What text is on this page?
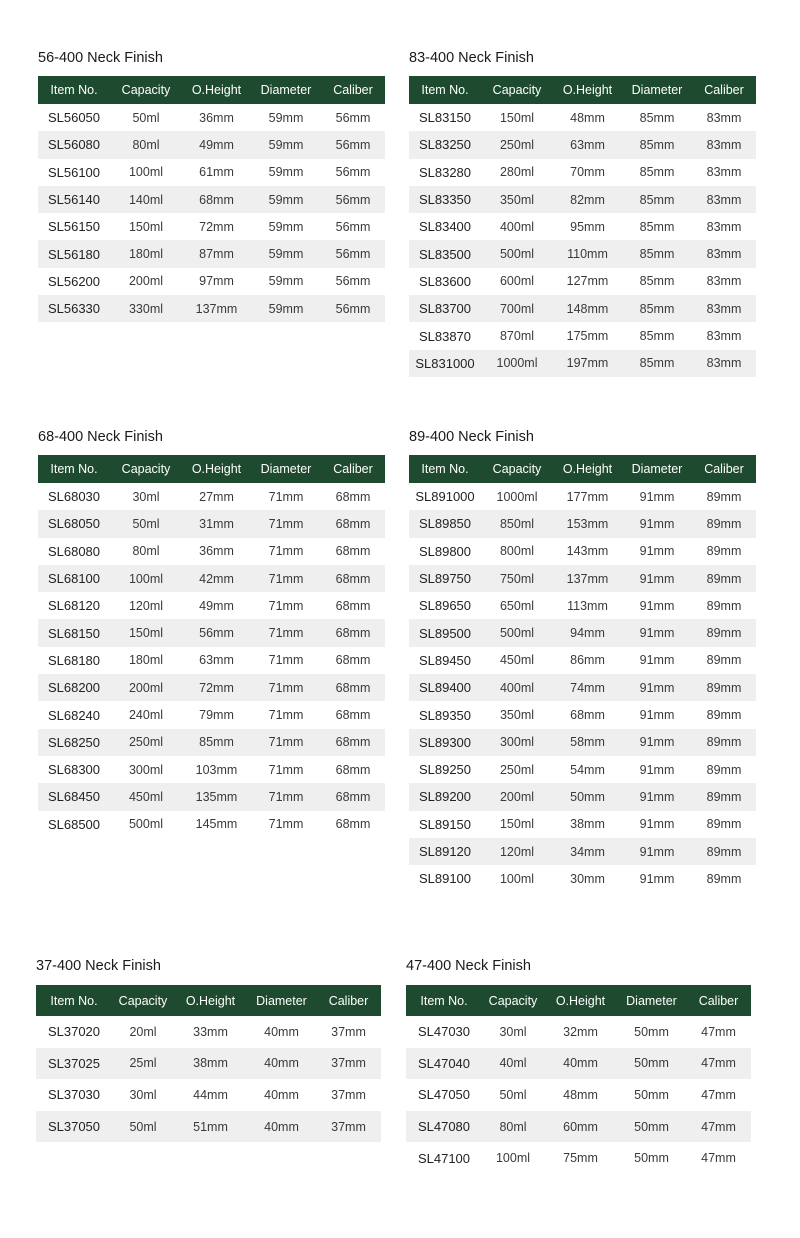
56-400 Neck Finish
Item No.	Capacity	O.Height	Diameter	Caliber
SL56050	50ml	36mm	59mm	56mm
SL56080	80ml	49mm	59mm	56mm
SL56100	100ml	61mm	59mm	56mm
SL56140	140ml	68mm	59mm	56mm
SL56150	150ml	72mm	59mm	56mm
SL56180	180ml	87mm	59mm	56mm
SL56200	200ml	97mm	59mm	56mm
SL56330	330ml	137mm	59mm	56mm
83-400 Neck Finish
Item No.	Capacity	O.Height	Diameter	Caliber
SL83150	150ml	48mm	85mm	83mm
SL83250	250ml	63mm	85mm	83mm
SL83280	280ml	70mm	85mm	83mm
SL83350	350ml	82mm	85mm	83mm
SL83400	400ml	95mm	85mm	83mm
SL83500	500ml	110mm	85mm	83mm
SL83600	600ml	127mm	85mm	83mm
SL83700	700ml	148mm	85mm	83mm
SL83870	870ml	175mm	85mm	83mm
SL831000	1000ml	197mm	85mm	83mm
68-400 Neck Finish
Item No.	Capacity	O.Height	Diameter	Caliber
SL68030	30ml	27mm	71mm	68mm
SL68050	50ml	31mm	71mm	68mm
SL68080	80ml	36mm	71mm	68mm
SL68100	100ml	42mm	71mm	68mm
SL68120	120ml	49mm	71mm	68mm
SL68150	150ml	56mm	71mm	68mm
SL68180	180ml	63mm	71mm	68mm
SL68200	200ml	72mm	71mm	68mm
SL68240	240ml	79mm	71mm	68mm
SL68250	250ml	85mm	71mm	68mm
SL68300	300ml	103mm	71mm	68mm
SL68450	450ml	135mm	71mm	68mm
SL68500	500ml	145mm	71mm	68mm
89-400 Neck Finish
Item No.	Capacity	O.Height	Diameter	Caliber
SL891000	1000ml	177mm	91mm	89mm
SL89850	850ml	153mm	91mm	89mm
SL89800	800ml	143mm	91mm	89mm
SL89750	750ml	137mm	91mm	89mm
SL89650	650ml	113mm	91mm	89mm
SL89500	500ml	94mm	91mm	89mm
SL89450	450ml	86mm	91mm	89mm
SL89400	400ml	74mm	91mm	89mm
SL89350	350ml	68mm	91mm	89mm
SL89300	300ml	58mm	91mm	89mm
SL89250	250ml	54mm	91mm	89mm
SL89200	200ml	50mm	91mm	89mm
SL89150	150ml	38mm	91mm	89mm
SL89120	120ml	34mm	91mm	89mm
SL89100	100ml	30mm	91mm	89mm
37-400 Neck Finish
Item No.	Capacity	O.Height	Diameter	Caliber
SL37020	20ml	33mm	40mm	37mm
SL37025	25ml	38mm	40mm	37mm
SL37030	30ml	44mm	40mm	37mm
SL37050	50ml	51mm	40mm	37mm
47-400 Neck Finish
Item No.	Capacity	O.Height	Diameter	Caliber
SL47030	30ml	32mm	50mm	47mm
SL47040	40ml	40mm	50mm	47mm
SL47050	50ml	48mm	50mm	47mm
SL47080	80ml	60mm	50mm	47mm
SL47100	100ml	75mm	50mm	47mm
